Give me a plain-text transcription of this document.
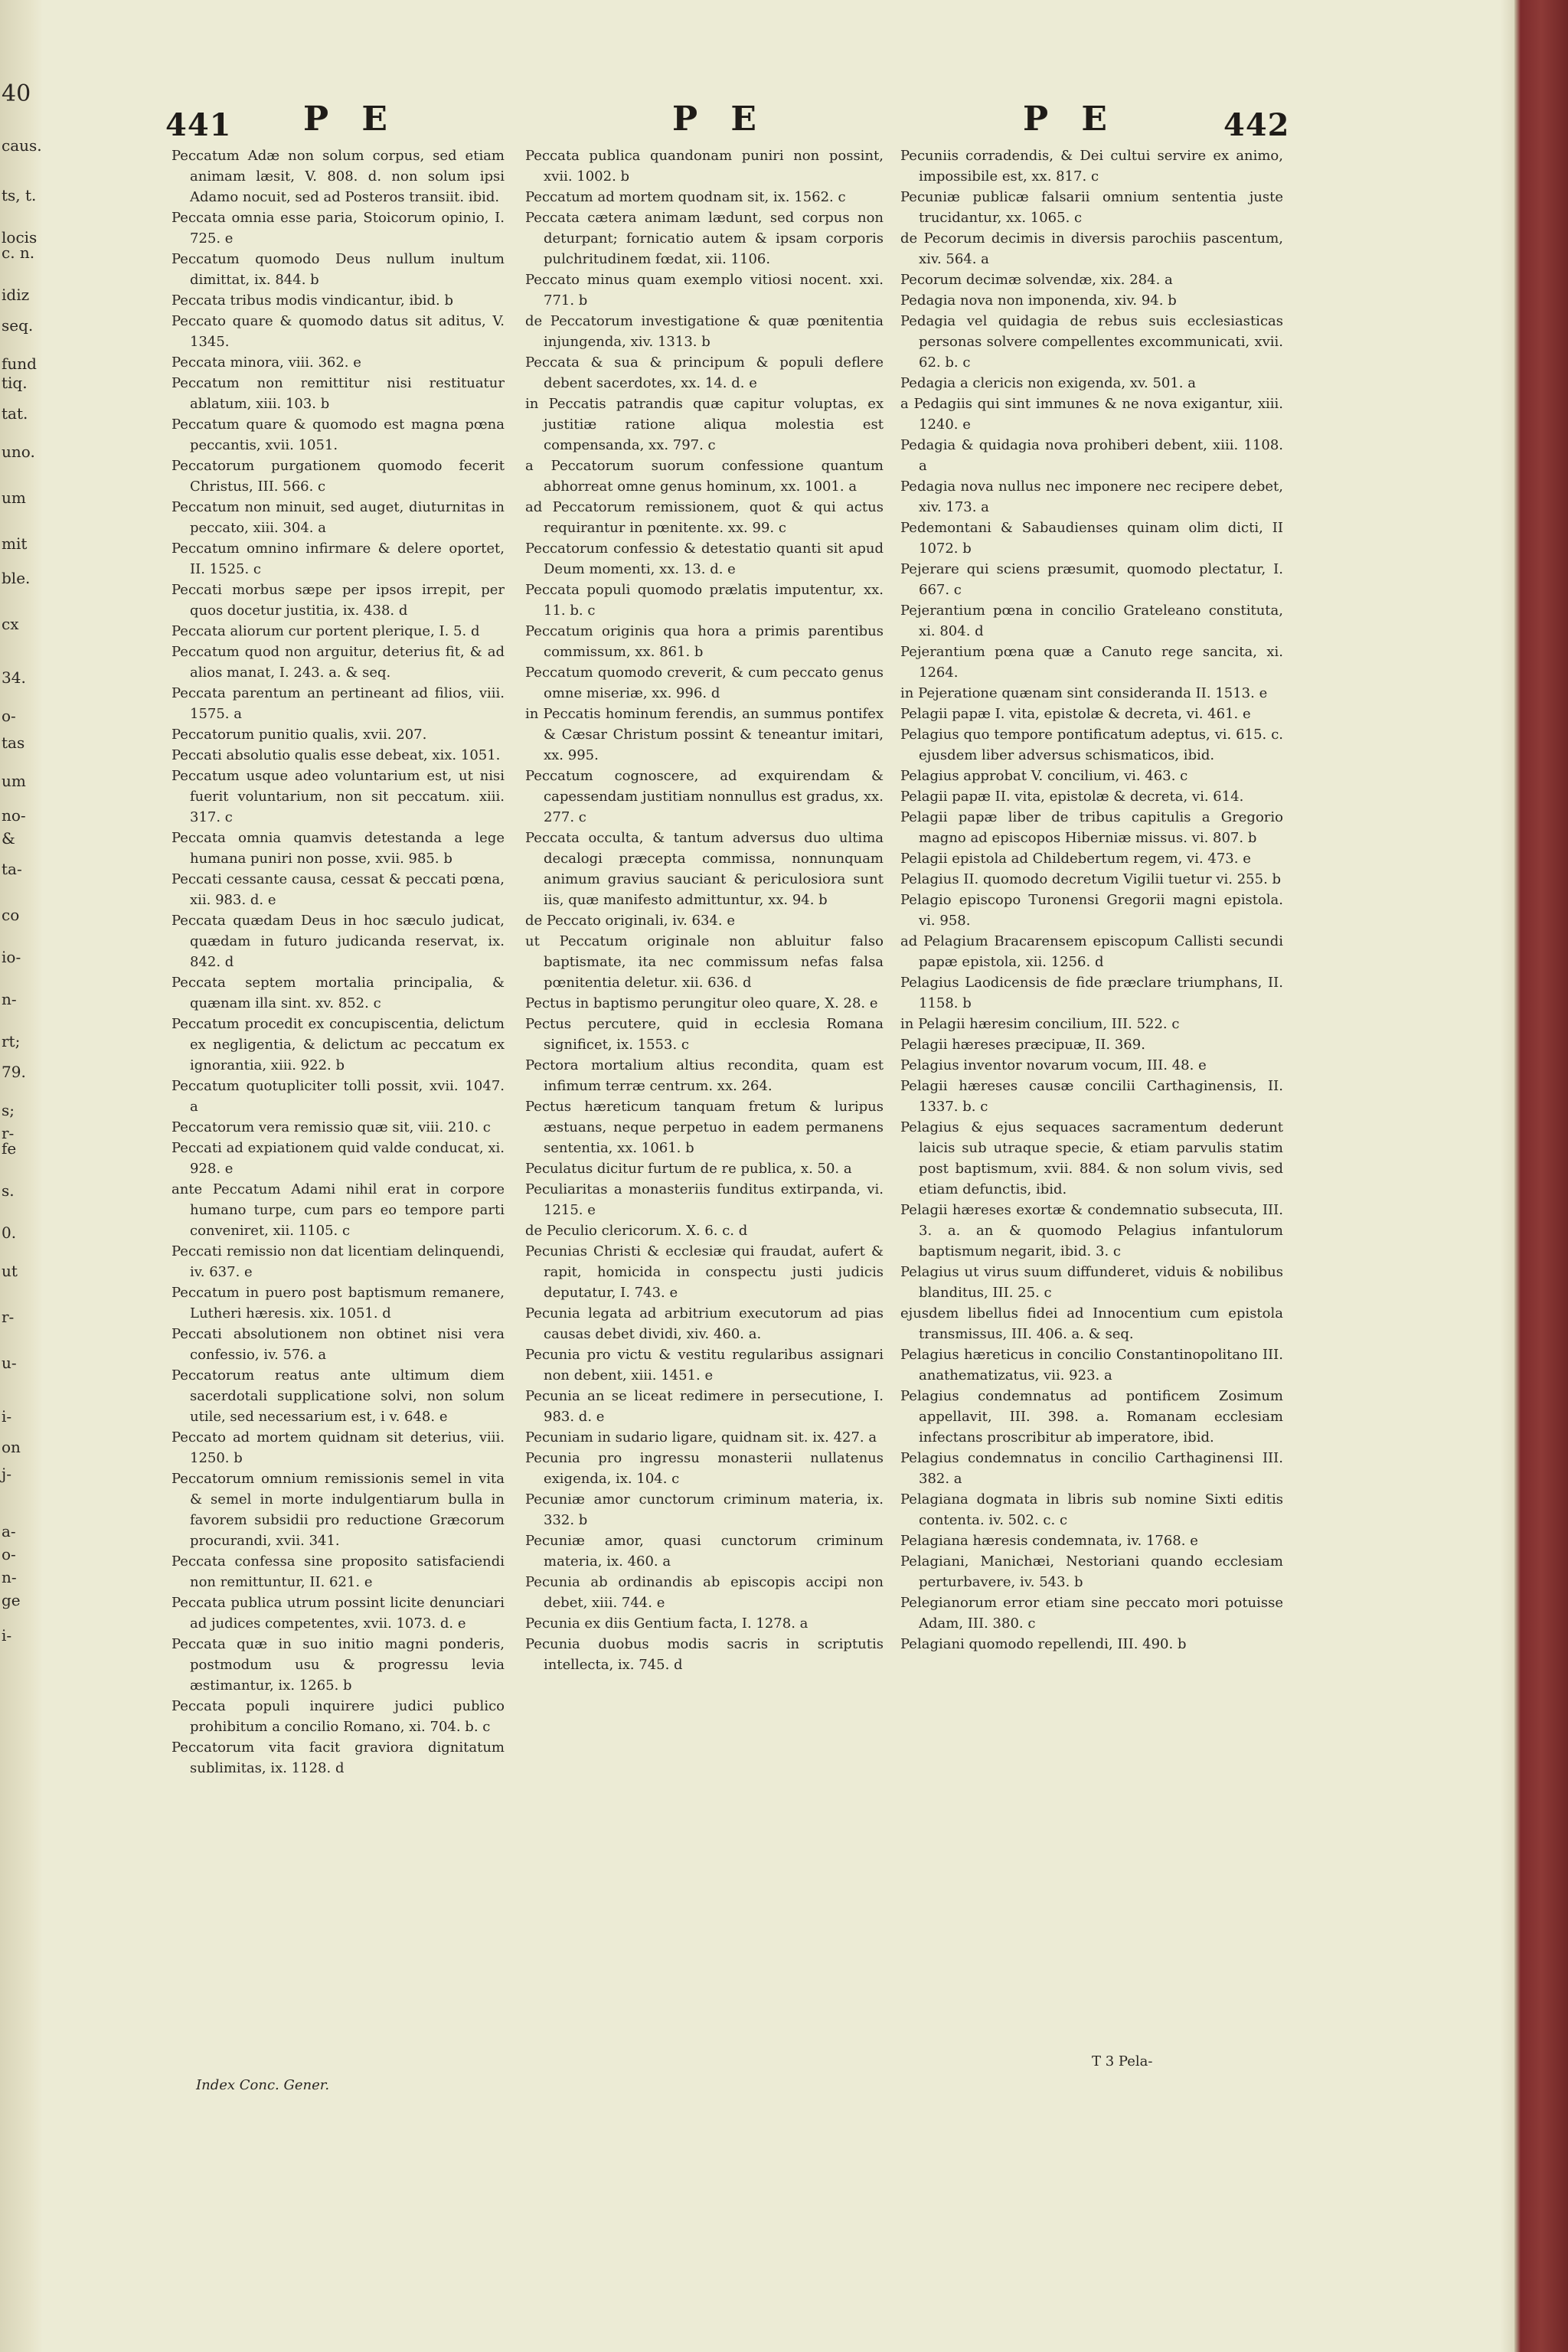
40
caus.
ts, t.
locis
c. n.
idiz
seq.
fund
tiq.
tat.
uno.
um
mit
ble.
cx
34.
o-
tas
um
no-
&
ta-
co
io-
n-
rt;
79.
s;
r-
fe
s.
0.
ut
r-
u-
i-
on
j-
a-
o-
n-
ge
i-
441 P E	P E	P E	442

Peccatum Adæ non solum corpus, sed etiam animam læsit, V. 808. d. non solum ipsi Adamo nocuit, sed ad Posteros transiit. ibid.

Peccata omnia esse paria, Stoicorum opinio, I. 725. e

Peccatum quomodo Deus nullum inultum dimittat, ix. 844. b

Peccata tribus modis vindicantur, ibid. b

Peccato quare & quomodo datus sit aditus, V. 1345.

Peccata minora, viii. 362. e

Peccatum non remittitur nisi restituatur ablatum, xiii. 103. b

Peccatum quare & quomodo est magna pœna peccantis, xvii. 1051.

Peccatorum purgationem quomodo fecerit Christus, III. 566. c

Peccatum non minuit, sed auget, diuturnitas in peccato, xiii. 304. a

Peccatum omnino infirmare & delere oportet, II. 1525. c

Peccati morbus sæpe per ipsos irrepit, per quos docetur justitia, ix. 438. d

Peccata aliorum cur portent plerique, I. 5. d

Peccatum quod non arguitur, deterius fit, & ad alios manat, I. 243. a. & seq.

Peccata parentum an pertineant ad filios, viii. 1575. a

Peccatorum punitio qualis, xvii. 207.

Peccati absolutio qualis esse debeat, xix. 1051.

Peccatum usque adeo voluntarium est, ut nisi fuerit voluntarium, non sit peccatum. xiii. 317. c

Peccata omnia quamvis detestanda a lege humana puniri non posse, xvii. 985. b

Peccati cessante causa, cessat & peccati pœna, xii. 983. d. e

Peccata quædam Deus in hoc sæculo judicat, quædam in futuro judicanda reservat, ix. 842. d

Peccata septem mortalia principalia, & quænam illa sint. xv. 852. c

Peccatum procedit ex concupiscentia, delictum ex negligentia, & delictum ac peccatum ex ignorantia, xiii. 922. b

Peccatum quotupliciter tolli possit, xvii. 1047. a

Peccatorum vera remissio quæ sit, viii. 210. c

Peccati ad expiationem quid valde conducat, xi. 928. e

ante Peccatum Adami nihil erat in corpore humano turpe, cum pars eo tempore parti conveniret, xii. 1105. c

Peccati remissio non dat licentiam delinquendi, iv. 637. e

Peccatum in puero post baptismum remanere, Lutheri hæresis. xix. 1051. d

Peccati absolutionem non obtinet nisi vera confessio, iv. 576. a

Peccatorum reatus ante ultimum diem sacerdotali supplicatione solvi, non solum utile, sed necessarium est, i v. 648. e

Peccato ad mortem quidnam sit deterius, viii. 1250. b

Peccatorum omnium remissionis semel in vita & semel in morte indulgentiarum bulla in favorem subsidii pro reductione Græcorum procurandi, xvii. 341.

Peccata confessa sine proposito satisfaciendi non remittuntur, II. 621. e

Peccata publica utrum possint licite denunciari ad judices competentes, xvii. 1073. d. e

Peccata quæ in suo initio magni ponderis, postmodum usu & progressu levia æstimantur, ix. 1265. b

Peccata populi inquirere judici publico prohibitum a concilio Romano, xi. 704. b. c

Peccatorum vita facit graviora dignitatum sublimitas, ix. 1128. d

Index Conc. Gener.

Peccata publica quandonam puniri non possint, xvii. 1002. b

Peccatum ad mortem quodnam sit, ix. 1562. c

Peccata cætera animam lædunt, sed corpus non deturpant; fornicatio autem & ipsam corporis pulchritudinem fœdat, xii. 1106.

Peccato minus quam exemplo vitiosi nocent. xxi. 771. b

de Peccatorum investigatione & quæ pœnitentia injungenda, xiv. 1313. b

Peccata & sua & principum & populi deflere debent sacerdotes, xx. 14. d. e

in Peccatis patrandis quæ capitur voluptas, ex justitiæ ratione aliqua molestia est compensanda, xx. 797. c

a Peccatorum suorum confessione quantum abhorreat omne genus hominum, xx. 1001. a

ad Peccatorum remissionem, quot & qui actus requirantur in pœnitente. xx. 99. c

Peccatorum confessio & detestatio quanti sit apud Deum momenti, xx. 13. d. e

Peccata populi quomodo prælatis imputentur, xx. 11. b. c

Peccatum originis qua hora a primis parentibus commissum, xx. 861. b

Peccatum quomodo creverit, & cum peccato genus omne miseriæ, xx. 996. d

in Peccatis hominum ferendis, an summus pontifex & Cæsar Christum possint & teneantur imitari, xx. 995.

Peccatum cognoscere, ad exquirendam & capessendam justitiam nonnullus est gradus, xx. 277. c

Peccata occulta, & tantum adversus duo ultima decalogi præcepta commissa, nonnunquam animum gravius sauciant & periculosiora sunt iis, quæ manifesto admittuntur, xx. 94. b

de Peccato originali, iv. 634. e

ut Peccatum originale non abluitur falso baptismate, ita nec commissum nefas falsa pœnitentia deletur. xii. 636. d

Pectus in baptismo perungitur oleo quare, X. 28. e

Pectus percutere, quid in ecclesia Romana significet, ix. 1553. c

Pectora mortalium altius recondita, quam est infimum terræ centrum. xx. 264.

Pectus hæreticum tanquam fretum & luripus æstuans, neque perpetuo in eadem permanens sententia, xx. 1061. b

Peculatus dicitur furtum de re publica, x. 50. a

Peculiaritas a monasteriis funditus extirpanda, vi. 1215. e

de Peculio clericorum. X. 6. c. d

Pecunias Christi & ecclesiæ qui fraudat, aufert & rapit, homicida in conspectu justi judicis deputatur, I. 743. e

Pecunia legata ad arbitrium executorum ad pias causas debet dividi, xiv. 460. a.

Pecunia pro victu & vestitu regularibus assignari non debent, xiii. 1451. e

Pecunia an se liceat redimere in persecutione, I. 983. d. e

Pecuniam in sudario ligare, quidnam sit. ix. 427. a

Pecunia pro ingressu monasterii nullatenus exigenda, ix. 104. c

Pecuniæ amor cunctorum criminum materia, ix. 332. b

Pecuniæ amor, quasi cunctorum criminum materia, ix. 460. a

Pecunia ab ordinandis ab episcopis accipi non debet, xiii. 744. e

Pecunia ex diis Gentium facta, I. 1278. a

Pecunia duobus modis sacris in scriptutis intellecta, ix. 745. d

Pecuniis corradendis, & Dei cultui servire ex animo, impossibile est, xx. 817. c

Pecuniæ publicæ falsarii omnium sententia juste trucidantur, xx. 1065. c

de Pecorum decimis in diversis parochiis pascentum, xiv. 564. a

Pecorum decimæ solvendæ, xix. 284. a

Pedagia nova non imponenda, xiv. 94. b

Pedagia vel quidagia de rebus suis ecclesiasticas personas solvere compellentes excommunicati, xvii. 62. b. c

Pedagia a clericis non exigenda, xv. 501. a

a Pedagiis qui sint immunes & ne nova exigantur, xiii. 1240. e

Pedagia & quidagia nova prohiberi debent, xiii. 1108. a

Pedagia nova nullus nec imponere nec recipere debet, xiv. 173. a

Pedemontani & Sabaudienses quinam olim dicti, II 1072. b

Pejerare qui sciens præsumit, quomodo plectatur, I. 667. c

Pejerantium pœna in concilio Grateleano constituta, xi. 804. d

Pejerantium pœna quæ a Canuto rege sancita, xi. 1264.

in Pejeratione quænam sint consideranda II. 1513. e

Pelagii papæ I. vita, epistolæ & decreta, vi. 461. e

Pelagius quo tempore pontificatum adeptus, vi. 615. c. ejusdem liber adversus schismaticos, ibid.

Pelagius approbat V. concilium, vi. 463. c

Pelagii papæ II. vita, epistolæ & decreta, vi. 614.

Pelagii papæ liber de tribus capitulis a Gregorio magno ad episcopos Hiberniæ missus. vi. 807. b

Pelagii epistola ad Childebertum regem, vi. 473. e

Pelagius II. quomodo decretum Vigilii tuetur vi. 255. b

Pelagio episcopo Turonensi Gregorii magni epistola. vi. 958.

ad Pelagium Bracarensem episcopum Callisti secundi papæ epistola, xii. 1256. d

Pelagius Laodicensis de fide præclare triumphans, II. 1158. b

in Pelagii hæresim concilium, III. 522. c

Pelagii hæreses præcipuæ, II. 369.

Pelagius inventor novarum vocum, III. 48. e

Pelagii hæreses causæ concilii Carthaginensis, II. 1337. b. c

Pelagius & ejus sequaces sacramentum dederunt laicis sub utraque specie, & etiam parvulis statim post baptismum, xvii. 884. & non solum vivis, sed etiam defunctis, ibid.

Pelagii hæreses exortæ & condemnatio subsecuta, III. 3. a. an & quomodo Pelagius infantulorum baptismum negarit, ibid. 3. c

Pelagius ut virus suum diffunderet, viduis & nobilibus blanditus, III. 25. c

ejusdem libellus fidei ad Innocentium cum epistola transmissus, III. 406. a. & seq.

Pelagius hæreticus in concilio Constantinopolitano III. anathematizatus, vii. 923. a

Pelagius condemnatus ad pontificem Zosimum appellavit, III. 398. a. Romanam ecclesiam infectans proscribitur ab imperatore, ibid.

Pelagius condemnatus in concilio Carthaginensi III. 382. a

Pelagiana dogmata in libris sub nomine Sixti editis contenta. iv. 502. c. c

Pelagiana hæresis condemnata, iv. 1768. e

Pelagiani, Manichæi, Nestoriani quando ecclesiam perturbavere, iv. 543. b

Pelegianorum error etiam sine peccato mori potuisse Adam, III. 380. c

Pelagiani quomodo repellendi, III. 490. b

T 3 Pela-
